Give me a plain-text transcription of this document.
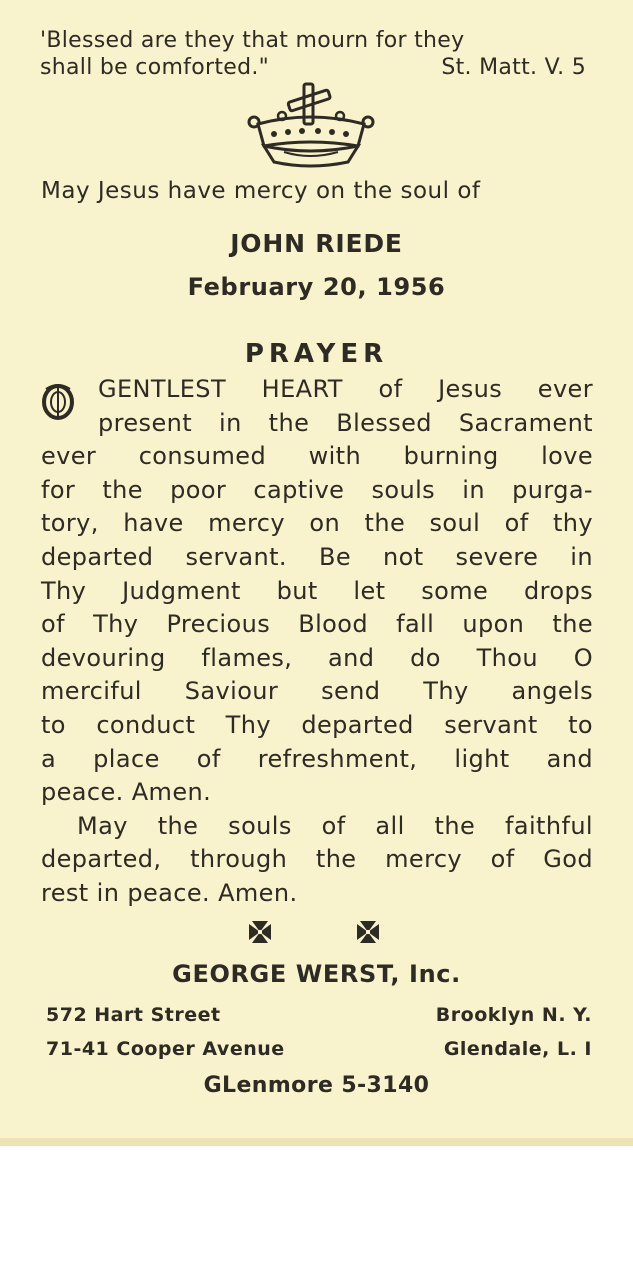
'Blessed are they that mourn for they
shall be comforted."	St. Matt. V. 5
May Jesus have mercy on the soul of
JOHN RIEDE
February 20, 1956
PRAYER
GENTLEST HEART of Jesus ever
present in the Blessed Sacrament
ever consumed with burning love
for the poor captive souls in purga-
tory, have mercy on the soul of thy
departed servant. Be not severe in
Thy Judgment but let some drops
of Thy Precious Blood fall upon the
devouring flames, and do Thou O
merciful Saviour send Thy angels
to conduct Thy departed servant to
a place of refreshment, light and
peace. Amen.
May the souls of all the faithful
departed, through the mercy of God
rest in peace. Amen.
GEORGE WERST, Inc.
572 Hart Street	Brooklyn N. Y.
71-41 Cooper Avenue	Glendale, L. I
GLenmore 5-3140
